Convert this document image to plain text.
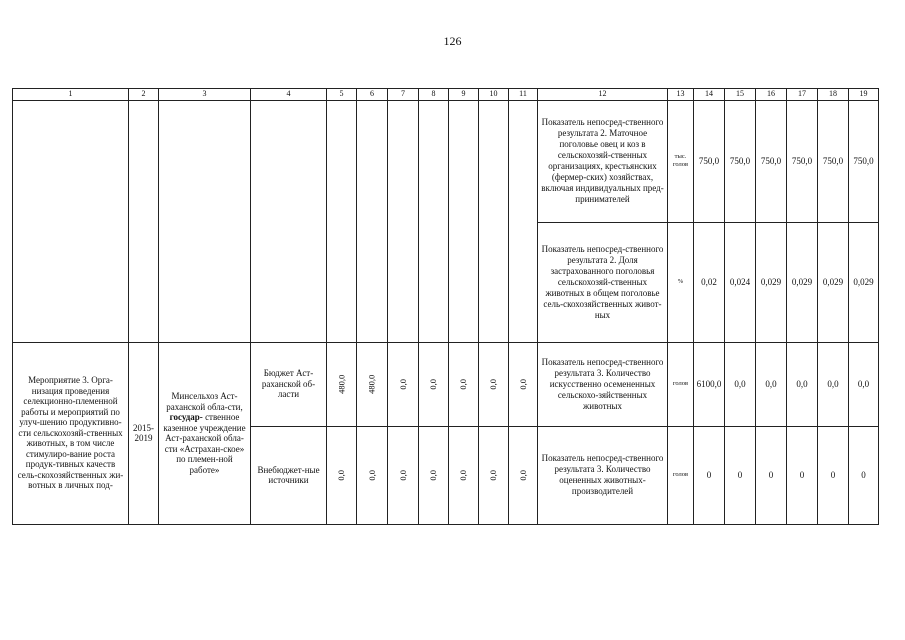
126
1	2	3	4	5	6	7	8	9	10	11	12	13	14	15	16	17	18	19
											Показатель непосред-ственного результата 2. Маточное поголовье овец и коз в сельскохозяй-ственных организациях, крестьянских (фермер-ских) хозяйствах, включая индивидуальных пред-принимателей	тыс. голов	750,0	750,0	750,0	750,0	750,0	750,0
											Показатель непосред-ственного результата 2. Доля застрахованного поголовья сельскохозяй-ственных животных в общем поголовье сель-скохозяйственных живот-ных	%	0,02	0,024	0,029	0,029	0,029	0,029
Мероприятие 3. Орга-низация проведения селекционно-племенной работы и мероприятий по улуч-шению продуктивно-сти сельскохозяй-ственных животных, в том числе стимулиро-вание роста продук-тивных качеств сель-скохозяйственных жи-вотных в личных под-	2015-2019	Минсельхоз Аст-раханской обла-сти, государ- ственное казенное учреждение Аст-раханской обла-сти «Астрахан-ское» по племен-ной работе»	Бюджет Аст-раханской об-ласти	480,0	480,0	0,0	0,0	0,0	0,0	0,0	Показатель непосред-ственного результата 3. Количество искусственно осемененных сельскохо-зяйственных животных	голов	6100,0	0,0	0,0	0,0	0,0	0,0
			Внебюджет-ные источники	0,0	0,0	0,0	0,0	0,0	0,0	0,0	Показатель непосред-ственного результата 3. Количество оцененных животных-производителей	голов	0	0	0	0	0	0
